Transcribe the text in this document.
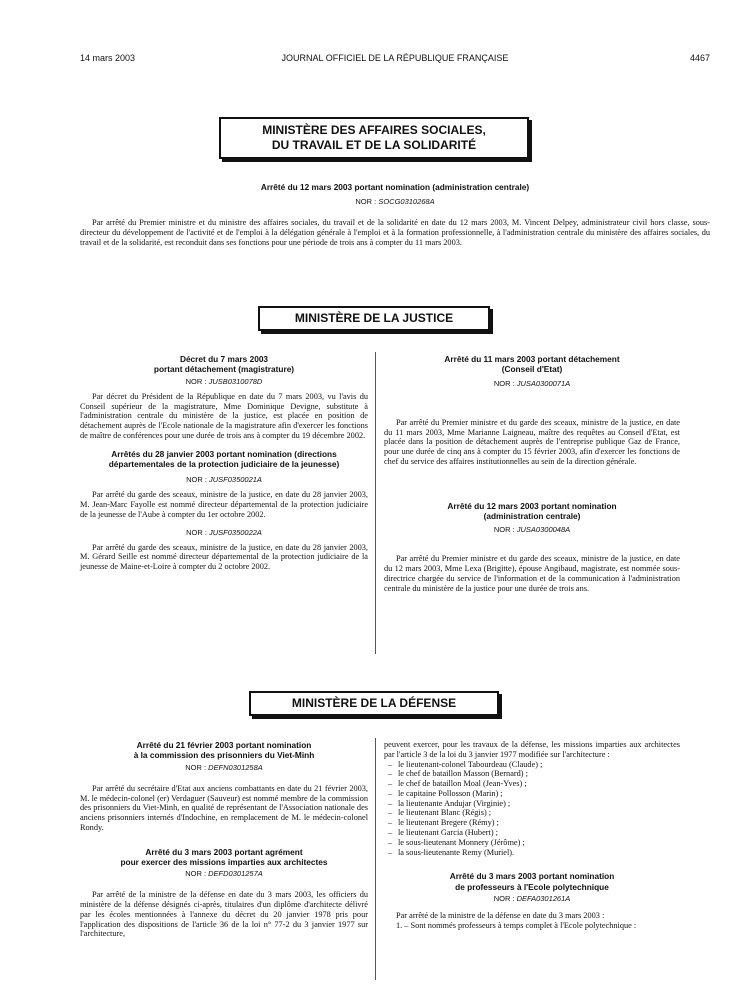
14 mars 2003	JOURNAL OFFICIEL DE LA RÉPUBLIQUE FRANÇAISE	4467
MINISTÈRE DES AFFAIRES SOCIALES,
DU TRAVAIL ET DE LA SOLIDARITÉ
Arrêté du 12 mars 2003 portant nomination (administration centrale)
NOR : SOCG0310268A

Par arrêté du Premier ministre et du ministre des affaires sociales, du travail et de la solidarité en date du 12 mars 2003, M. Vincent Delpey, administrateur civil hors classe, sous-directeur du développement de l'activité et de l'emploi à la délégation générale à l'emploi et à la formation professionnelle, à l'administration centrale du ministère des affaires sociales, du travail et de la solidarité, est reconduit dans ses fonctions pour une période de trois ans à compter du 11 mars 2003.

MINISTÈRE DE LA JUSTICE
Décret du 7 mars 2003
portant détachement (magistrature)
NOR : JUSB0310078D

Par décret du Président de la République en date du 7 mars 2003, vu l'avis du Conseil supérieur de la magistrature, Mme Dominique Devigne, substitute à l'administration centrale du ministère de la justice, est placée en position de détachement auprès de l'Ecole nationale de la magistrature afin d'exercer les fonctions de maître de conférences pour une durée de trois ans à compter du 19 décembre 2002.

Arrêtés du 28 janvier 2003 portant nomination (directions départementales de la protection judiciaire de la jeunesse)
NOR : JUSF0350021A

Par arrêté du garde des sceaux, ministre de la justice, en date du 28 janvier 2003, M. Jean-Marc Fayolle est nommé directeur départemental de la protection judiciaire de la jeunesse de l'Aube à compter du 1er octobre 2002.

NOR : JUSF0350022A

Par arrêté du garde des sceaux, ministre de la justice, en date du 28 janvier 2003, M. Gérard Seille est nommé directeur départemental de la protection judiciaire de la jeunesse de Maine-et-Loire à compter du 2 octobre 2002.

Arrêté du 11 mars 2003 portant détachement
(Conseil d'Etat)
NOR : JUSA0300071A

Par arrêté du Premier ministre et du garde des sceaux, ministre de la justice, en date du 11 mars 2003, Mme Marianne Laigneau, maître des requêtes au Conseil d'Etat, est placée dans la position de détachement auprès de l'entreprise publique Gaz de France, pour une durée de cinq ans à compter du 15 février 2003, afin d'exercer les fonctions de chef du service des affaires institutionnelles au sein de la direction générale.

Arrêté du 12 mars 2003 portant nomination
(administration centrale)
NOR : JUSA0300048A

Par arrêté du Premier ministre et du garde des sceaux, ministre de la justice, en date du 12 mars 2003, Mme Lexa (Brigitte), épouse Angibaud, magistrate, est nommée sous-directrice chargée du service de l'information et de la communication à l'administration centrale du ministère de la justice pour une durée de trois ans.

MINISTÈRE DE LA DÉFENSE
Arrêté du 21 février 2003 portant nomination
à la commission des prisonniers du Viet-Minh
NOR : DEFN0301258A

Par arrêté du secrétaire d'Etat aux anciens combattants en date du 21 février 2003, M. le médecin-colonel (er) Verdaguer (Sauveur) est nommé membre de la commission des prisonniers du Viet-Minh, en qualité de représentant de l'Association nationale des anciens prisonniers internés d'Indochine, en remplacement de M. le médecin-colonel Rondy.

Arrêté du 3 mars 2003 portant agrément
pour exercer des missions imparties aux architectes
NOR : DEFD0301257A

Par arrêté de la ministre de la défense en date du 3 mars 2003, les officiers du ministère de la défense désignés ci-après, titulaires d'un diplôme d'architecte délivré par les écoles mentionnées à l'annexe du décret du 20 janvier 1978 pris pour l'application des dispositions de l'article 36 de la loi n° 77-2 du 3 janvier 1977 sur l'architecture,

peuvent exercer, pour les travaux de la défense, les missions imparties aux architectes par l'article 3 de la loi du 3 janvier 1977 modifiée sur l'architecture :

– le lieutenant-colonel Tabourdeau (Claude) ;
– le chef de bataillon Masson (Bernard) ;
– le chef de bataillon Moal (Jean-Yves) ;
– le capitaine Pollosson (Marin) ;
– la lieutenante Andujar (Virginie) ;
– le lieutenant Blanc (Régis) ;
– le lieutenant Bregere (Rémy) ;
– le lieutenant Garcia (Hubert) ;
– le sous-lieutenant Monnery (Jérôme) ;
– la sous-lieutenante Remy (Muriel).
Arrêté du 3 mars 2003 portant nomination
de professeurs à l'Ecole polytechnique
NOR : DEFA0301261A

Par arrêté de la ministre de la défense en date du 3 mars 2003 :

1. – Sont nommés professeurs à temps complet à l'Ecole polytechnique :
